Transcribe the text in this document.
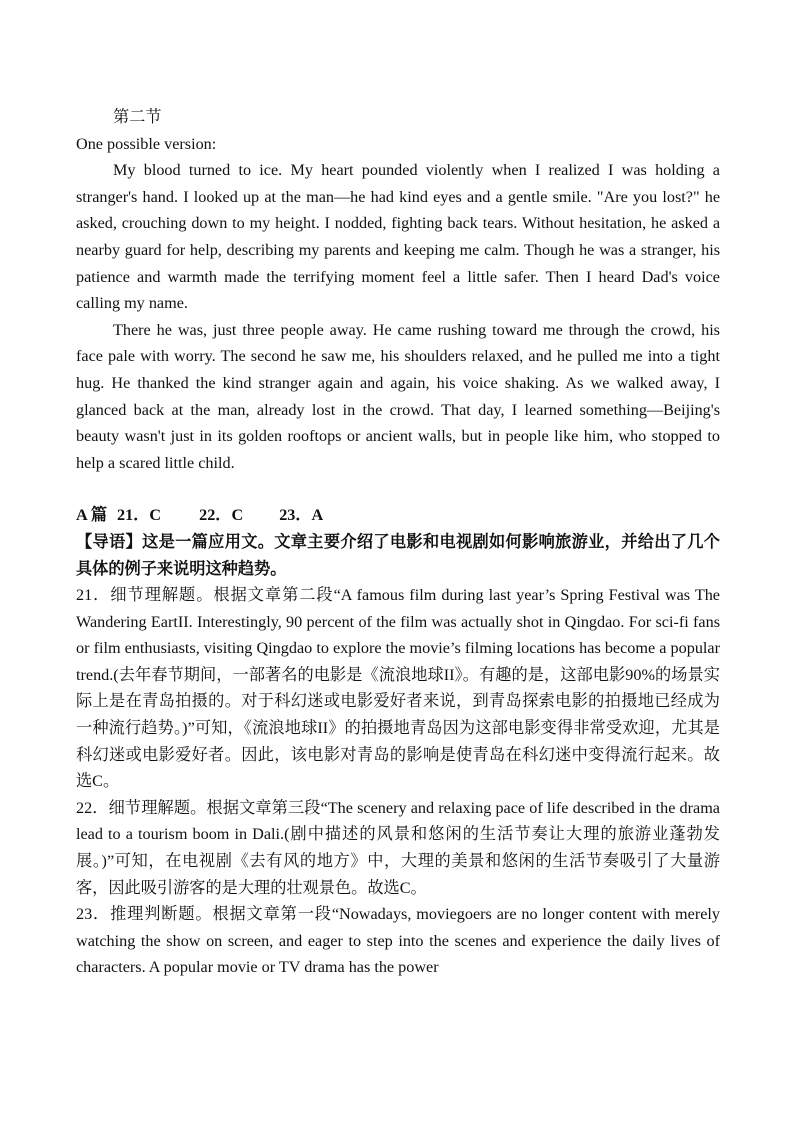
第二节

One possible version:

My blood turned to ice. My heart pounded violently when I realized I was holding a stranger's hand. I looked up at the man—he had kind eyes and a gentle smile. "Are you lost?" he asked, crouching down to my height. I nodded, fighting back tears. Without hesitation, he asked a nearby guard for help, describing my parents and keeping me calm. Though he was a stranger, his patience and warmth made the terrifying moment feel a little safer. Then I heard Dad's voice calling my name.

There he was, just three people away. He came rushing toward me through the crowd, his face pale with worry. The second he saw me, his shoulders relaxed, and he pulled me into a tight hug. He thanked the kind stranger again and again, his voice shaking. As we walked away, I glanced back at the man, already lost in the crowd. That day, I learned something—Beijing's beauty wasn't just in its golden rooftops or ancient walls, but in people like him, who stopped to help a scared little child.

A 篇 21．C 22．C 23．A

【导语】这是一篇应用文。文章主要介绍了电影和电视剧如何影响旅游业，并给出了几个具体的例子来说明这种趋势。

21．细节理解题。根据文章第二段“A famous film during last year’s Spring Festival was The Wandering EartII. Interestingly, 90 percent of the film was actually shot in Qingdao. For sci-fi fans or film enthusiasts, visiting Qingdao to explore the movie’s filming locations has become a popular trend.(去年春节期间，一部著名的电影是《流浪地球II》。有趣的是，这部电影90%的场景实际上是在青岛拍摄的。对于科幻迷或电影爱好者来说，到青岛探索电影的拍摄地已经成为一种流行趋势。)”可知，《流浪地球II》的拍摄地青岛因为这部电影变得非常受欢迎，尤其是科幻迷或电影爱好者。因此，该电影对青岛的影响是使青岛在科幻迷中变得流行起来。故选C。

22．细节理解题。根据文章第三段“The scenery and relaxing pace of life described in the drama lead to a tourism boom in Dali.(剧中描述的风景和悠闲的生活节奏让大理的旅游业蓬勃发展。)”可知，在电视剧《去有风的地方》中，大理的美景和悠闲的生活节奏吸引了大量游客，因此吸引游客的是大理的壮观景色。故选C。

23．推理判断题。根据文章第一段“Nowadays, moviegoers are no longer content with merely watching the show on screen, and eager to step into the scenes and experience the daily lives of characters. A popular movie or TV drama has the power
